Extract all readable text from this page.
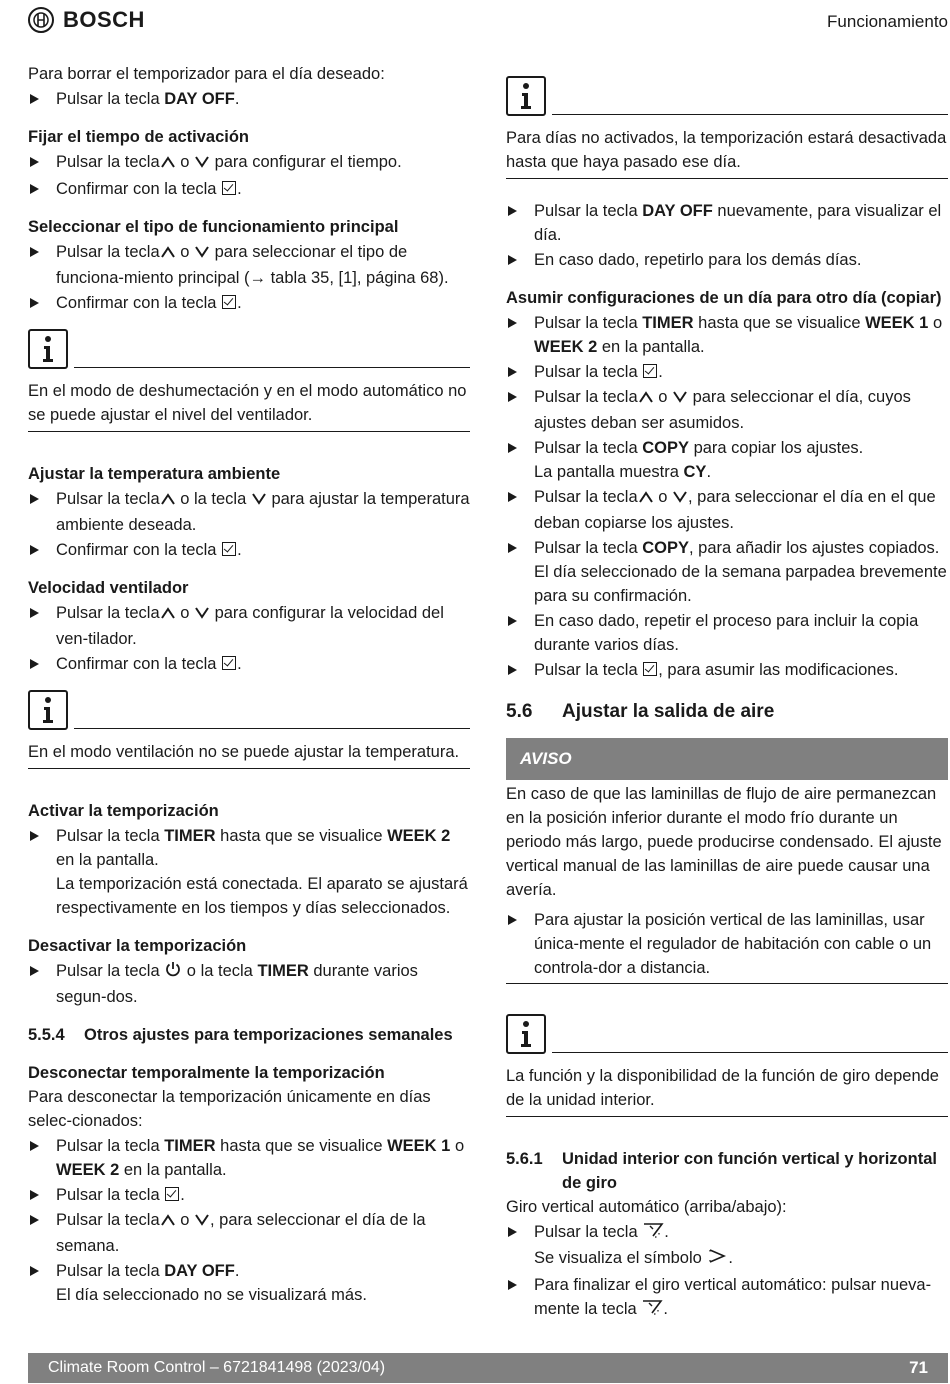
BOSCH	Funcionamiento

Para borrar el temporizador para el día deseado:

Pulsar la tecla DAY OFF.

Fijar el tiempo de activación

Pulsar la tecla o  para configurar el tiempo.
Confirmar con la tecla .

Seleccionar el tipo de funcionamiento principal

Pulsar la tecla o  para seleccionar el tipo de funciona-miento principal (→ tabla 35, [1], página 68).
Confirmar con la tecla .
En el modo de deshumectación y en el modo automático no se puede ajustar el nivel del ventilador.

Ajustar la temperatura ambiente

Pulsar la tecla o la tecla  para ajustar la temperatura ambiente deseada.
Confirmar con la tecla .

Velocidad ventilador

Pulsar la tecla o  para configurar la velocidad del ven-tilador.
Confirmar con la tecla .
En el modo ventilación no se puede ajustar la temperatura.

Activar la temporización

Pulsar la tecla TIMER hasta que se visualice WEEK 2 en la pantalla.
La temporización está conectada. El aparato se ajustará respectivamente en los tiempos y días seleccionados.

Desactivar la temporización

Pulsar la tecla  o la tecla TIMER durante varios segun-dos.

5.5.4	Otros ajustes para temporizaciones semanales

Desconectar temporalmente la temporización

Para desconectar la temporización únicamente en días selec-cionados:

Pulsar la tecla TIMER hasta que se visualice WEEK 1 o WEEK 2 en la pantalla.
Pulsar la tecla .
Pulsar la tecla o , para seleccionar el día de la semana.
Pulsar la tecla DAY OFF.
El día seleccionado no se visualizará más.
Para días no activados, la temporización estará desactivada hasta que haya pasado ese día.
Pulsar la tecla DAY OFF nuevamente, para visualizar el día.
En caso dado, repetirlo para los demás días.

Asumir configuraciones de un día para otro día (copiar)

Pulsar la tecla TIMER hasta que se visualice WEEK 1 o WEEK 2 en la pantalla.
Pulsar la tecla .
Pulsar la tecla o  para seleccionar el día, cuyos ajustes deban ser asumidos.
Pulsar la tecla COPY para copiar los ajustes.
La pantalla muestra CY.
Pulsar la tecla o , para seleccionar el día en el que deban copiarse los ajustes.
Pulsar la tecla COPY, para añadir los ajustes copiados.
El día seleccionado de la semana parpadea brevemente para su confirmación.
En caso dado, repetir el proceso para incluir la copia durante varios días.
Pulsar la tecla , para asumir las modificaciones.

5.6	Ajustar la salida de aire

AVISO
En caso de que las laminillas de flujo de aire permanezcan en la posición inferior durante el modo frío durante un periodo más largo, puede producirse condensado. El ajuste vertical manual de las laminillas de aire puede causar una avería.
Para ajustar la posición vertical de las laminillas, usar única-mente el regulador de habitación con cable o un controla-dor a distancia.
La función y la disponibilidad de la función de giro depende de la unidad interior.

5.6.1	Unidad interior con función vertical y horizontal de giro

Giro vertical automático (arriba/abajo):

Pulsar la tecla .
Se visualiza el símbolo .
Para finalizar el giro vertical automático: pulsar nueva-mente la tecla .
Climate Room Control – 6721841498 (2023/04)	71
